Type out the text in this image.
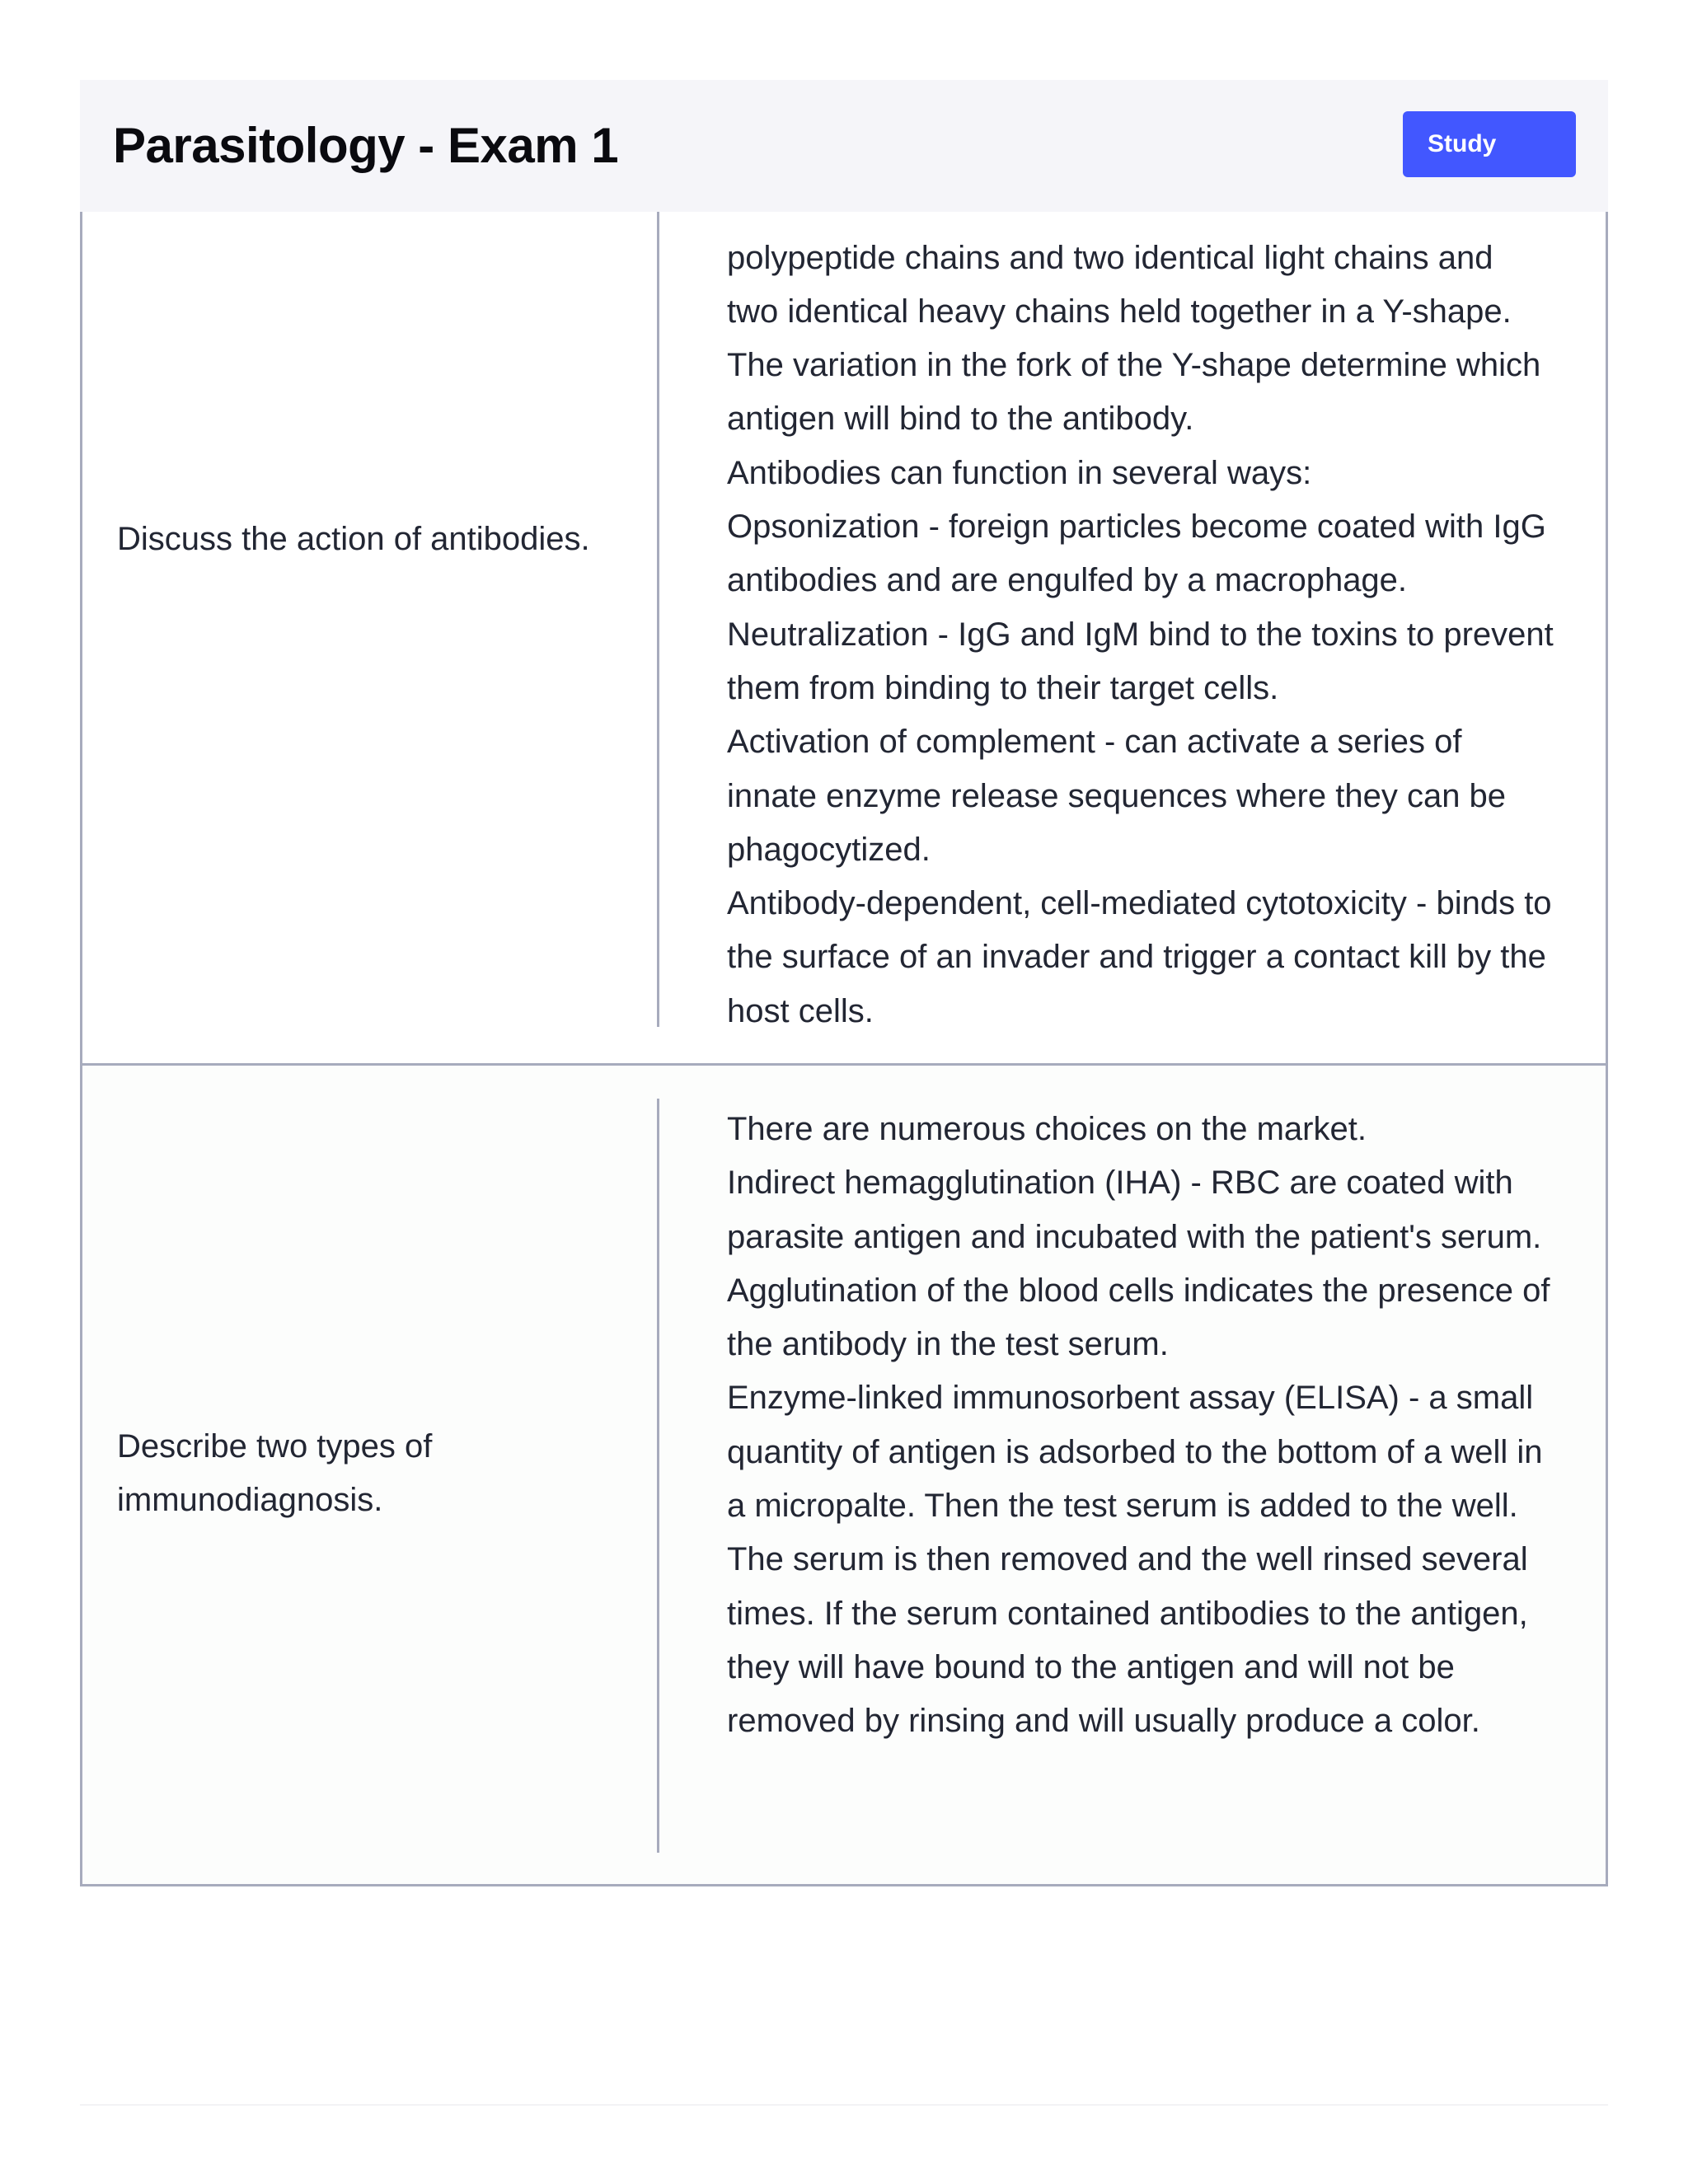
Parasitology - Exam 1	Study
Discuss the action of antibodies.

polypeptide chains and two identical light chains and

two identical heavy chains held together in a Y-shape. The variation in the fork of the Y-shape determine which antigen will bind to the antibody.

Antibodies can function in several ways:

Opsonization - foreign particles become coated with IgG antibodies and are engulfed by a macrophage.

Neutralization - IgG and IgM bind to the toxins to prevent them from binding to their target cells.

Activation of complement - can activate a series of innate enzyme release sequences where they can be phagocytized.

Antibody-dependent, cell-mediated cytotoxicity - binds to the surface of an invader and trigger a contact kill by the host cells.

Describe two types of immunodiagnosis.

There are numerous choices on the market.

Indirect hemagglutination (IHA) - RBC are coated with parasite antigen and incubated with the patient's serum. Agglutination of the blood cells indicates the presence of the antibody in the test serum.

Enzyme-linked immunosorbent assay (ELISA) - a small quantity of antigen is adsorbed to the bottom of a well in a micropalte. Then the test serum is added to the well. The serum is then removed and the well rinsed several times. If the serum contained antibodies to the antigen, they will have bound to the antigen and will not be removed by rinsing and will usually produce a color.
